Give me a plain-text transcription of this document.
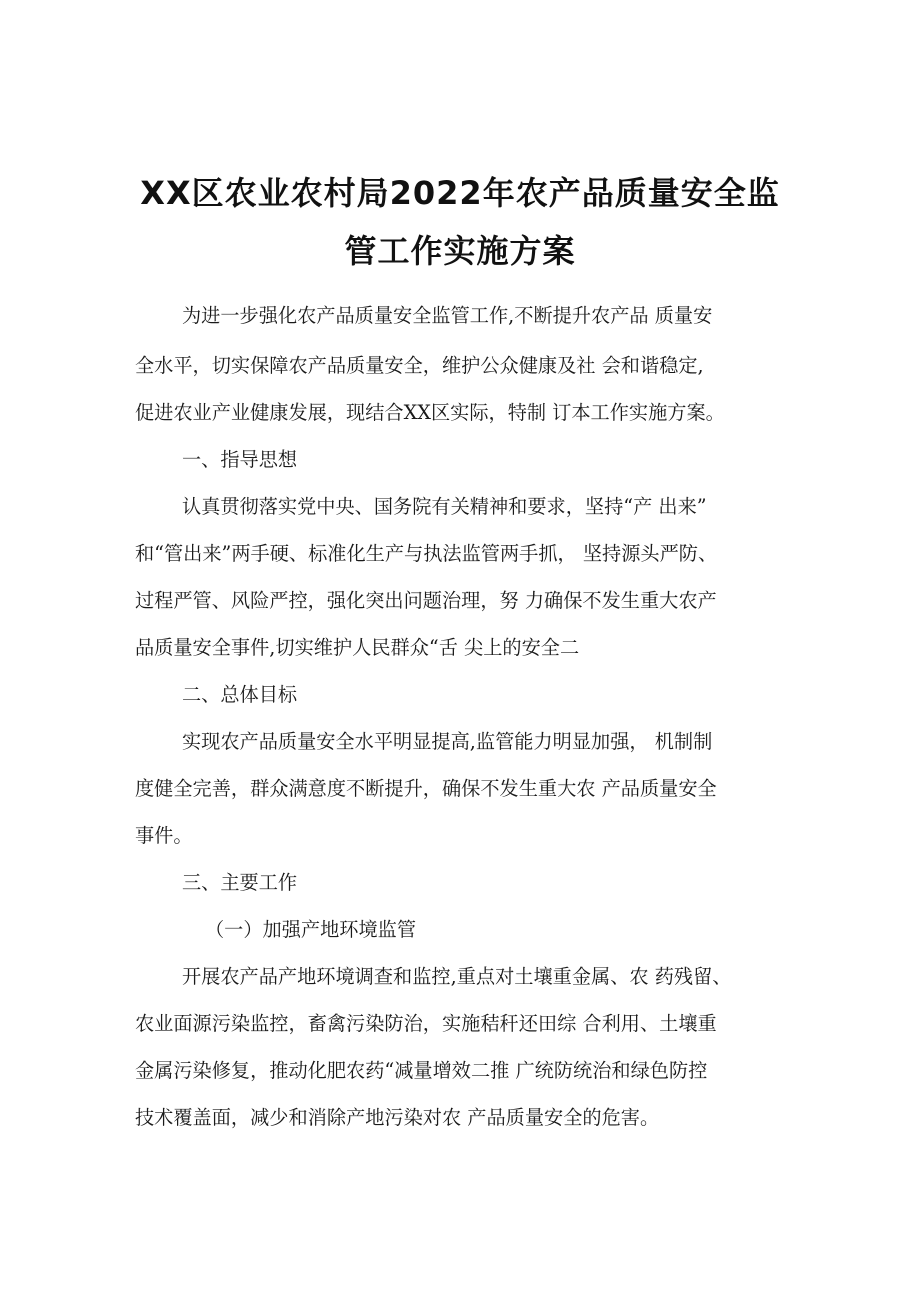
XX区农业农村局2022年农产品质量安全监
管工作实施方案
为进一步强化农产品质量安全监管工作,不断提升农产品 质量安
全水平，切实保障农产品质量安全，维护公众健康及社 会和谐稳定,
促进农业产业健康发展，现结合XX区实际，特制 订本工作实施方案。
一、指导思想
认真贯彻落实党中央、国务院有关精神和要求，坚持“产 出来”
和“管出来”两手硬、标准化生产与执法监管两手抓， 坚持源头严防、
过程严管、风险严控，强化突出问题治理，努 力确保不发生重大农产
品质量安全事件,切实维护人民群众“舌 尖上的安全二
二、总体目标
实现农产品质量安全水平明显提高,监管能力明显加强， 机制制
度健全完善，群众满意度不断提升，确保不发生重大农 产品质量安全
事件。
三、主要工作
（一）加强产地环境监管
开展农产品产地环境调查和监控,重点对土壤重金属、农 药残留、
农业面源污染监控，畜禽污染防治，实施秸秆还田综 合利用、土壤重
金属污染修复，推动化肥农药“减量增效二推 广统防统治和绿色防控
技术覆盖面，减少和消除产地污染对农 产品质量安全的危害。
